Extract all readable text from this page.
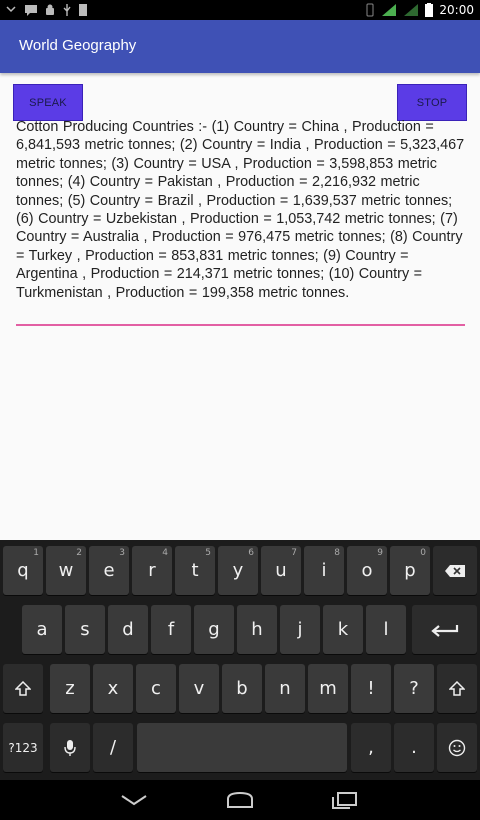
20:00
World Geography
SPEAK	STOP
Cotton Producing Countries :- (1) Country = China , Production = 6,841,593 metric tonnes; (2) Country = India , Production = 5,323,467 metric tonnes; (3) Country = USA , Production = 3,598,853 metric tonnes; (4) Country = Pakistan , Production = 2,216,932 metric tonnes; (5) Country = Brazil , Production = 1,639,537 metric tonnes; (6) Country = Uzbekistan , Production = 1,053,742 metric tonnes; (7) Country = Australia , Production = 976,475 metric tonnes; (8) Country = Turkey , Production = 853,831 metric tonnes; (9) Country = Argentina , Production = 214,371 metric tonnes; (10) Country = Turkmenistan , Production = 199,358 metric tonnes.
q
1
w
2
e
3
r
4
t
5
y
6
u
7
i
8
o
9
p
0
a s d f g h j k l
z x c v b n m ! ?
?123	/	, .
